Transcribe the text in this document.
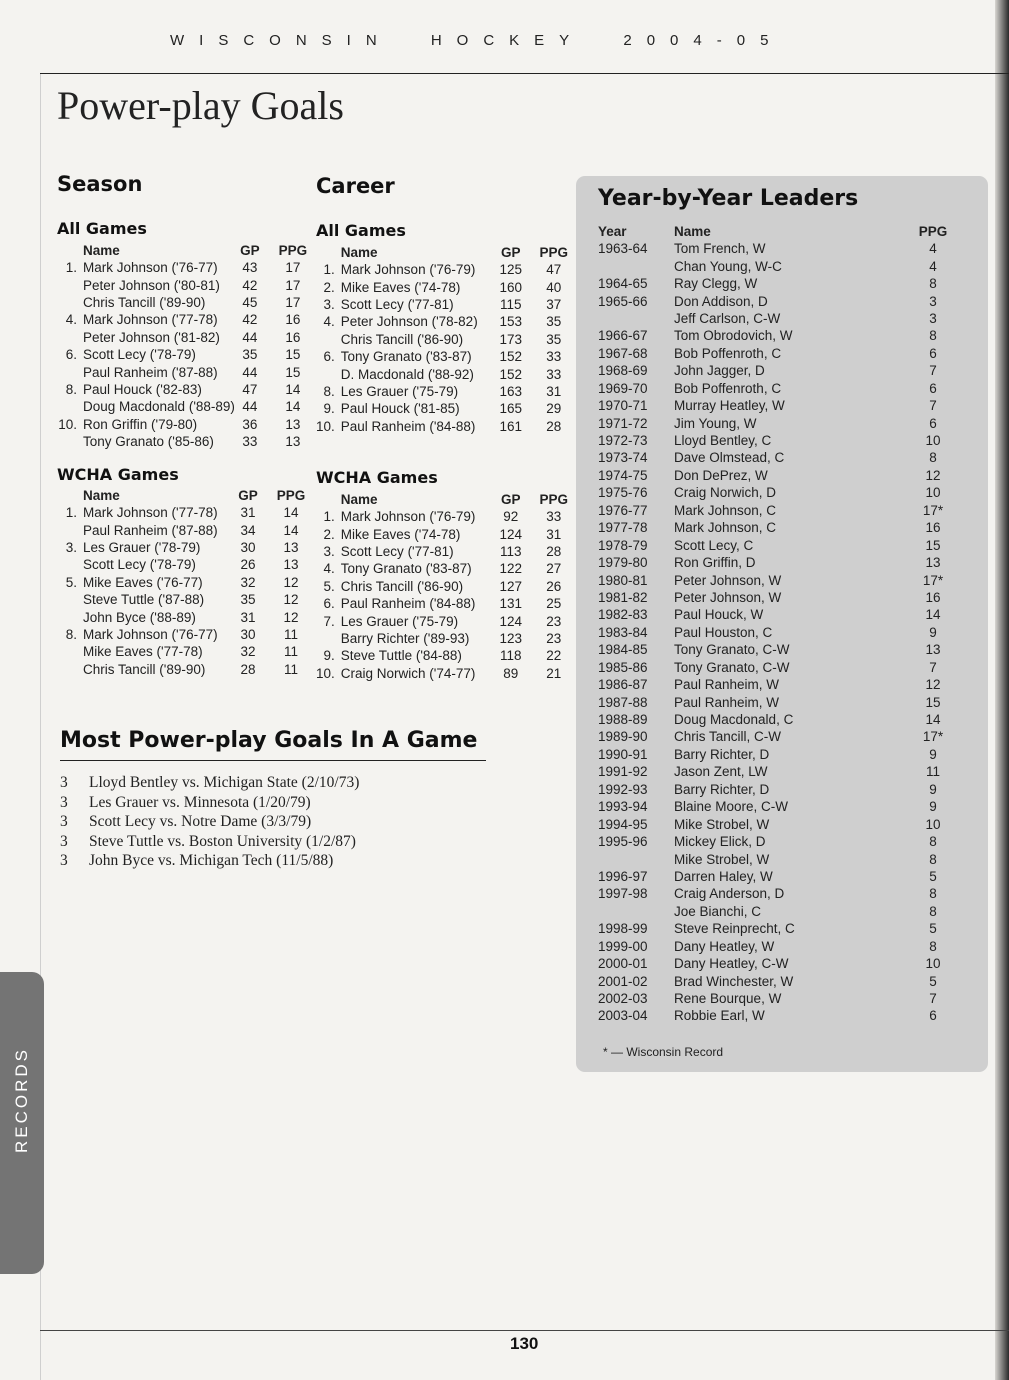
WISCONSIN	HOCKEY	2004-05
Power-play Goals
Season
All Games
	Name	GP	PPG
1.	Mark Johnson ('76-77)	43	17
	Peter Johnson ('80-81)	42	17
	Chris Tancill ('89-90)	45	17
4.	Mark Johnson ('77-78)	42	16
	Peter Johnson ('81-82)	44	16
6.	Scott Lecy ('78-79)	35	15
	Paul Ranheim ('87-88)	44	15
8.	Paul Houck ('82-83)	47	14
	Doug Macdonald ('88-89)	44	14
10.	Ron Griffin ('79-80)	36	13
	Tony Granato ('85-86)	33	13
WCHA Games
	Name	GP	PPG
1.	Mark Johnson ('77-78)	31	14
	Paul Ranheim ('87-88)	34	14
3.	Les Grauer ('78-79)	30	13
	Scott Lecy ('78-79)	26	13
5.	Mike Eaves ('76-77)	32	12
	Steve Tuttle ('87-88)	35	12
	John Byce ('88-89)	31	12
8.	Mark Johnson ('76-77)	30	11
	Mike Eaves ('77-78)	32	11
	Chris Tancill ('89-90)	28	11
Career
All Games
	Name	GP	PPG
1.	Mark Johnson ('76-79)	125	47
2.	Mike Eaves ('74-78)	160	40
3.	Scott Lecy ('77-81)	115	37
4.	Peter Johnson ('78-82)	153	35
	Chris Tancill ('86-90)	173	35
6.	Tony Granato ('83-87)	152	33
	D. Macdonald ('88-92)	152	33
8.	Les Grauer ('75-79)	163	31
9.	Paul Houck ('81-85)	165	29
10.	Paul Ranheim ('84-88)	161	28
WCHA Games
	Name	GP	PPG
1.	Mark Johnson ('76-79)	92	33
2.	Mike Eaves ('74-78)	124	31
3.	Scott Lecy ('77-81)	113	28
4.	Tony Granato ('83-87)	122	27
5.	Chris Tancill ('86-90)	127	26
6.	Paul Ranheim ('84-88)	131	25
7.	Les Grauer ('75-79)	124	23
	Barry Richter ('89-93)	123	23
9.	Steve Tuttle ('84-88)	118	22
10.	Craig Norwich ('74-77)	89	21
Most Power-play Goals In A Game
3 Lloyd Bentley vs. Michigan State (2/10/73)
3 Les Grauer vs. Minnesota (1/20/79)
3 Scott Lecy vs. Notre Dame (3/3/79)
3 Steve Tuttle vs. Boston University (1/2/87)
3 John Byce vs. Michigan Tech (11/5/88)
Year-by-Year Leaders
Year	Name	PPG
1963-64	Tom French, W	4
	Chan Young, W-C	4
1964-65	Ray Clegg, W	8
1965-66	Don Addison, D	3
	Jeff Carlson, C-W	3
1966-67	Tom Obrodovich, W	8
1967-68	Bob Poffenroth, C	6
1968-69	John Jagger, D	7
1969-70	Bob Poffenroth, C	6
1970-71	Murray Heatley, W	7
1971-72	Jim Young, W	6
1972-73	Lloyd Bentley, C	10
1973-74	Dave Olmstead, C	8
1974-75	Don DePrez, W	12
1975-76	Craig Norwich, D	10
1976-77	Mark Johnson, C	17*
1977-78	Mark Johnson, C	16
1978-79	Scott Lecy, C	15
1979-80	Ron Griffin, D	13
1980-81	Peter Johnson, W	17*
1981-82	Peter Johnson, W	16
1982-83	Paul Houck, W	14
1983-84	Paul Houston, C	9
1984-85	Tony Granato, C-W	13
1985-86	Tony Granato, C-W	7
1986-87	Paul Ranheim, W	12
1987-88	Paul Ranheim, W	15
1988-89	Doug Macdonald, C	14
1989-90	Chris Tancill, C-W	17*
1990-91	Barry Richter, D	9
1991-92	Jason Zent, LW	11
1992-93	Barry Richter, D	9
1993-94	Blaine Moore, C-W	9
1994-95	Mike Strobel, W	10
1995-96	Mickey Elick, D	8
	Mike Strobel, W	8
1996-97	Darren Haley, W	5
1997-98	Craig Anderson, D	8
	Joe Bianchi, C	8
1998-99	Steve Reinprecht, C	5
1999-00	Dany Heatley, W	8
2000-01	Dany Heatley, C-W	10
2001-02	Brad Winchester, W	5
2002-03	Rene Bourque, W	7
2003-04	Robbie Earl, W	6
* — Wisconsin Record
RECORDS
130
